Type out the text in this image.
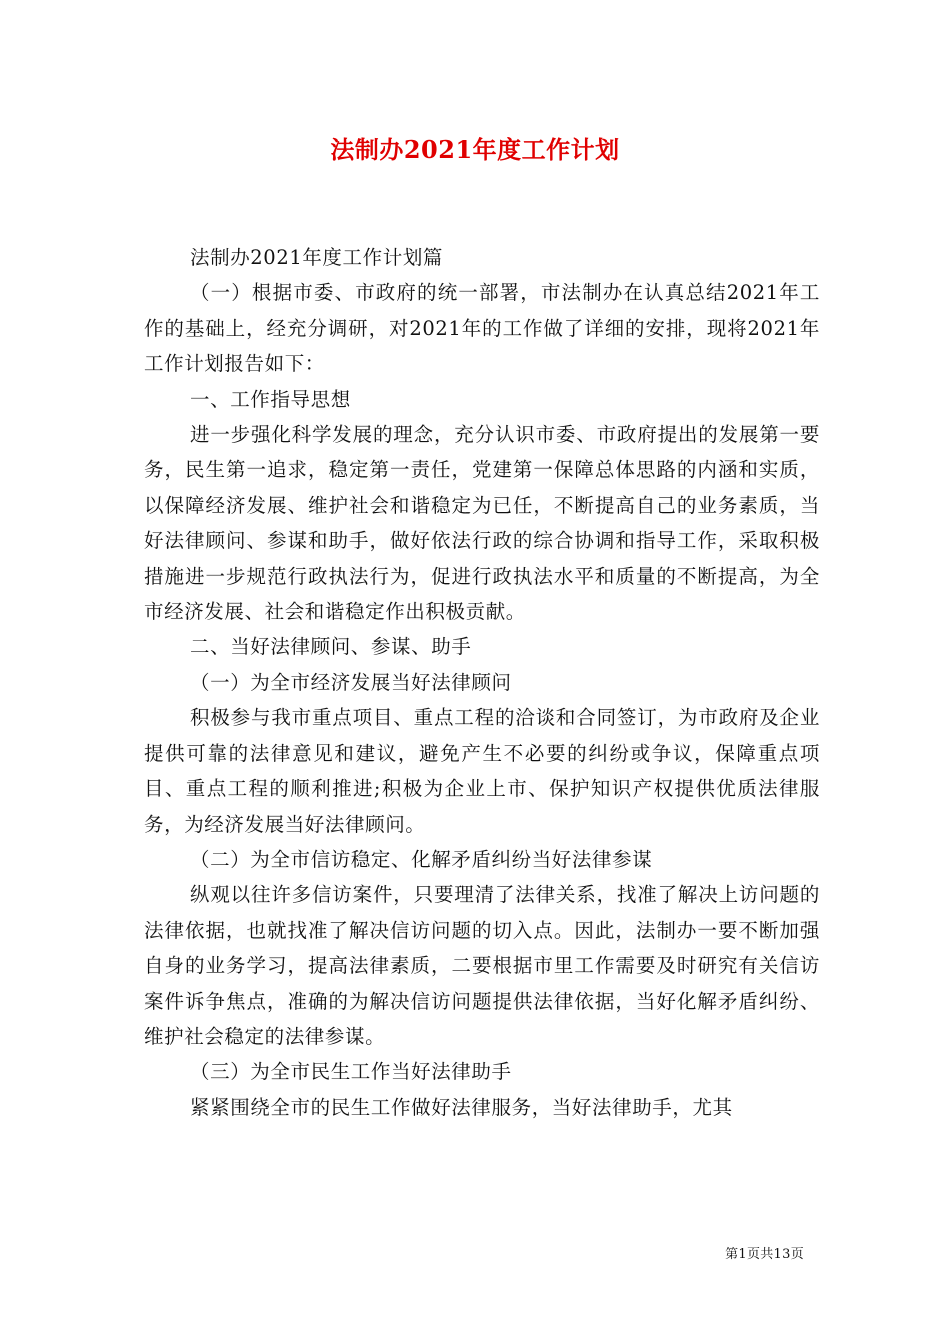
法制办2021年度工作计划

法制办2021年度工作计划篇

（一）根据市委、市政府的统一部署，市法制办在认真总结2021年工作的基础上，经充分调研，对2021年的工作做了详细的安排，现将2021年工作计划报告如下：

一、工作指导思想

进一步强化科学发展的理念，充分认识市委、市政府提出的发展第一要务，民生第一追求，稳定第一责任，党建第一保障总体思路的内涵和实质，以保障经济发展、维护社会和谐稳定为已任，不断提高自己的业务素质，当好法律顾问、参谋和助手，做好依法行政的综合协调和指导工作，采取积极措施进一步规范行政执法行为，促进行政执法水平和质量的不断提高，为全市经济发展、社会和谐稳定作出积极贡献。

二、当好法律顾问、参谋、助手

（一）为全市经济发展当好法律顾问

积极参与我市重点项目、重点工程的洽谈和合同签订，为市政府及企业提供可靠的法律意见和建议，避免产生不必要的纠纷或争议，保障重点项目、重点工程的顺利推进;积极为企业上市、保护知识产权提供优质法律服务，为经济发展当好法律顾问。

（二）为全市信访稳定、化解矛盾纠纷当好法律参谋

纵观以往许多信访案件，只要理清了法律关系，找准了解决上访问题的法律依据，也就找准了解决信访问题的切入点。因此，法制办一要不断加强自身的业务学习，提高法律素质，二要根据市里工作需要及时研究有关信访案件诉争焦点，准确的为解决信访问题提供法律依据，当好化解矛盾纠纷、维护社会稳定的法律参谋。

（三）为全市民生工作当好法律助手

紧紧围绕全市的民生工作做好法律服务，当好法律助手，尤其

第1页共13页
